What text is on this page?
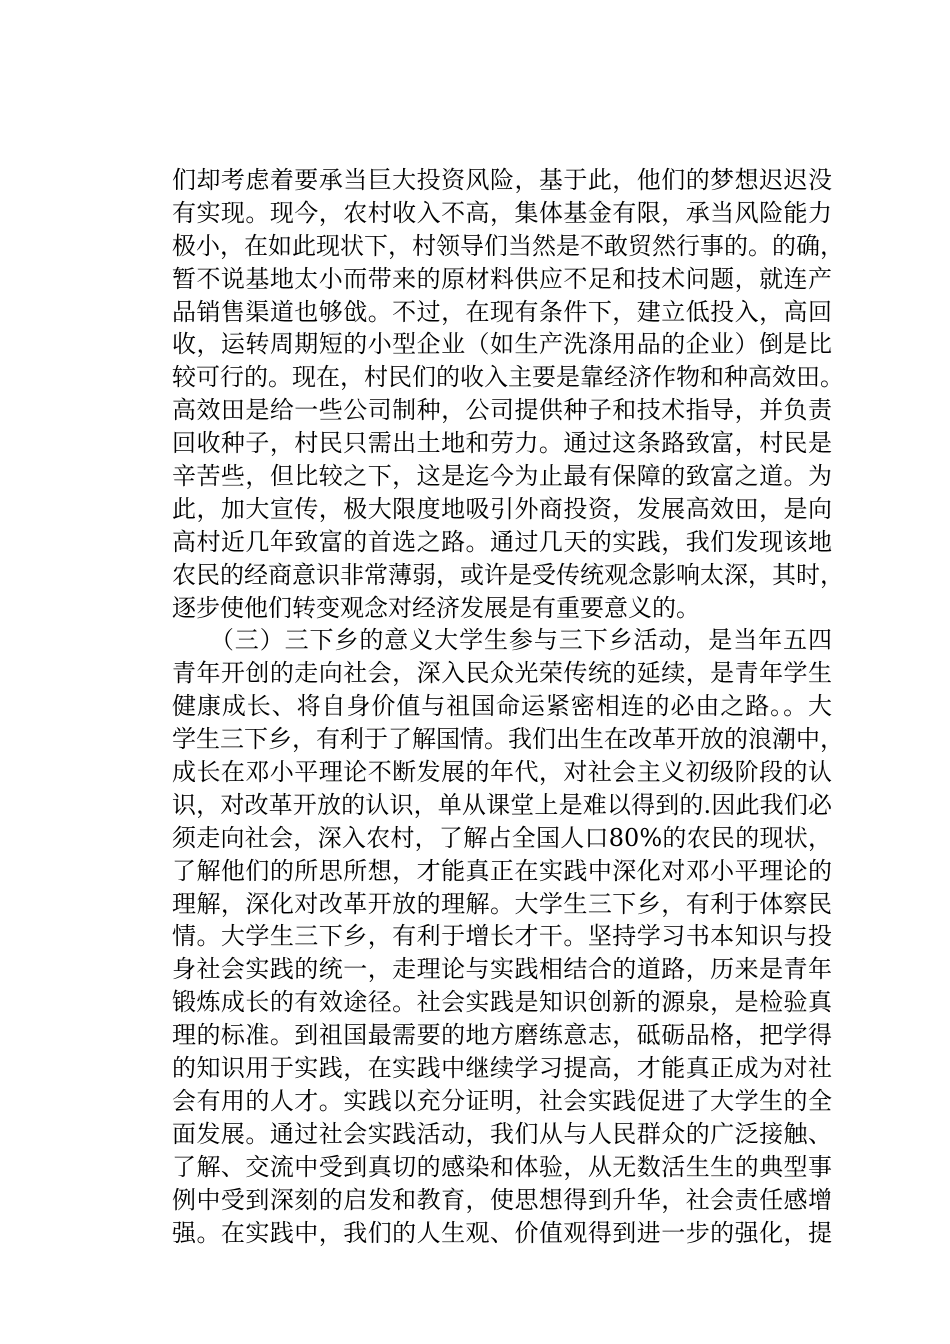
们却考虑着要承当巨大投资风险，基于此，他们的梦想迟迟没
有实现。现今，农村收入不高，集体基金有限，承当风险能力
极小，在如此现状下，村领导们当然是不敢贸然行事的。的确，
暂不说基地太小而带来的原材料供应不足和技术问题，就连产
品销售渠道也够戗。不过，在现有条件下，建立低投入，高回
收，运转周期短的小型企业（如生产洗涤用品的企业）倒是比
较可行的。现在，村民们的收入主要是靠经济作物和种高效田。
高效田是给一些公司制种，公司提供种子和技术指导，并负责
回收种子，村民只需出土地和劳力。通过这条路致富，村民是
辛苦些，但比较之下，这是迄今为止最有保障的致富之道。为
此，加大宣传，极大限度地吸引外商投资，发展高效田，是向
高村近几年致富的首选之路。通过几天的实践，我们发现该地
农民的经商意识非常薄弱，或许是受传统观念影响太深，其时，
逐步使他们转变观念对经济发展是有重要意义的。
　　（三）三下乡的意义大学生参与三下乡活动，是当年五四
青年开创的走向社会，深入民众光荣传统的延续，是青年学生
健康成长、将自身价值与祖国命运紧密相连的必由之路。。大
学生三下乡，有利于了解国情。我们出生在改革开放的浪潮中，
成长在邓小平理论不断发展的年代，对社会主义初级阶段的认
识，对改革开放的认识，单从课堂上是难以得到的.因此我们必
须走向社会，深入农村，了解占全国人口80%的农民的现状，
了解他们的所思所想，才能真正在实践中深化对邓小平理论的
理解，深化对改革开放的理解。大学生三下乡，有利于体察民
情。大学生三下乡，有利于增长才干。坚持学习书本知识与投
身社会实践的统一，走理论与实践相结合的道路，历来是青年
锻炼成长的有效途径。社会实践是知识创新的源泉，是检验真
理的标准。到祖国最需要的地方磨练意志，砥砺品格，把学得
的知识用于实践，在实践中继续学习提高，才能真正成为对社
会有用的人才。实践以充分证明，社会实践促进了大学生的全
面发展。通过社会实践活动，我们从与人民群众的广泛接触、
了解、交流中受到真切的感染和体验，从无数活生生的典型事
例中受到深刻的启发和教育，使思想得到升华，社会责任感增
强。在实践中，我们的人生观、价值观得到进一步的强化，提
